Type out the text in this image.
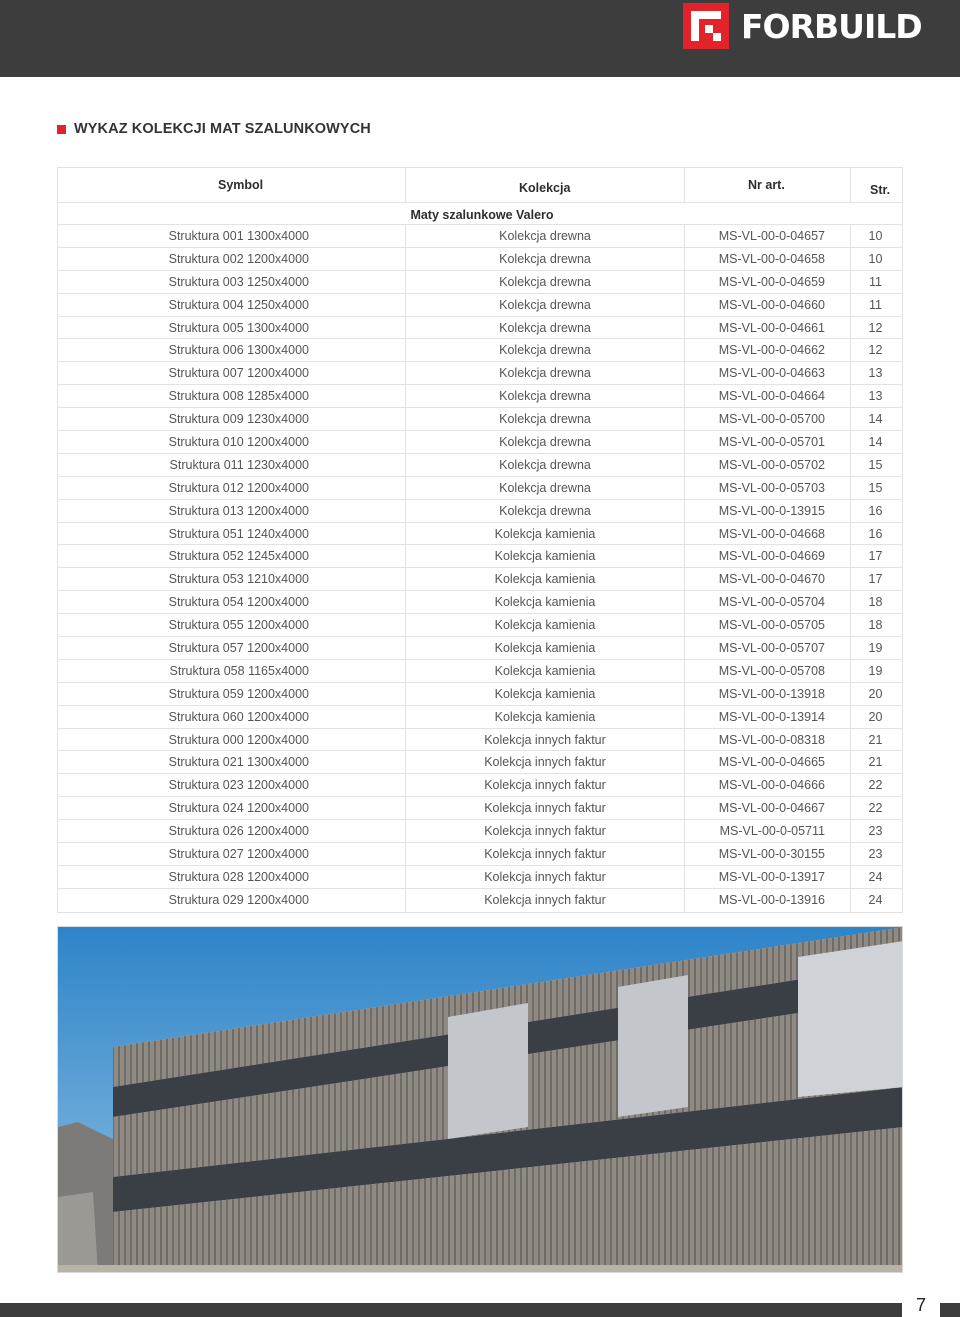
FORBUILD
WYKAZ KOLEKCJI MAT SZALUNKOWYCH
Symbol	Kolekcja	Nr art.	Str.
Maty szalunkowe Valero
Struktura 001 1300x4000	Kolekcja drewna	MS-VL-00-0-04657	10
Struktura 002 1200x4000	Kolekcja drewna	MS-VL-00-0-04658	10
Struktura 003 1250x4000	Kolekcja drewna	MS-VL-00-0-04659	11
Struktura 004 1250x4000	Kolekcja drewna	MS-VL-00-0-04660	11
Struktura 005 1300x4000	Kolekcja drewna	MS-VL-00-0-04661	12
Struktura 006 1300x4000	Kolekcja drewna	MS-VL-00-0-04662	12
Struktura 007 1200x4000	Kolekcja drewna	MS-VL-00-0-04663	13
Struktura 008 1285x4000	Kolekcja drewna	MS-VL-00-0-04664	13
Struktura 009 1230x4000	Kolekcja drewna	MS-VL-00-0-05700	14
Struktura 010 1200x4000	Kolekcja drewna	MS-VL-00-0-05701	14
Struktura 011 1230x4000	Kolekcja drewna	MS-VL-00-0-05702	15
Struktura 012 1200x4000	Kolekcja drewna	MS-VL-00-0-05703	15
Struktura 013 1200x4000	Kolekcja drewna	MS-VL-00-0-13915	16
Struktura 051 1240x4000	Kolekcja kamienia	MS-VL-00-0-04668	16
Struktura 052 1245x4000	Kolekcja kamienia	MS-VL-00-0-04669	17
Struktura 053 1210x4000	Kolekcja kamienia	MS-VL-00-0-04670	17
Struktura 054 1200x4000	Kolekcja kamienia	MS-VL-00-0-05704	18
Struktura 055 1200x4000	Kolekcja kamienia	MS-VL-00-0-05705	18
Struktura 057 1200x4000	Kolekcja kamienia	MS-VL-00-0-05707	19
Struktura 058 1165x4000	Kolekcja kamienia	MS-VL-00-0-05708	19
Struktura 059 1200x4000	Kolekcja kamienia	MS-VL-00-0-13918	20
Struktura 060 1200x4000	Kolekcja kamienia	MS-VL-00-0-13914	20
Struktura 000 1200x4000	Kolekcja innych faktur	MS-VL-00-0-08318	21
Struktura 021 1300x4000	Kolekcja innych faktur	MS-VL-00-0-04665	21
Struktura 023 1200x4000	Kolekcja innych faktur	MS-VL-00-0-04666	22
Struktura 024 1200x4000	Kolekcja innych faktur	MS-VL-00-0-04667	22
Struktura 026 1200x4000	Kolekcja innych faktur	MS-VL-00-0-05711	23
Struktura 027 1200x4000	Kolekcja innych faktur	MS-VL-00-0-30155	23
Struktura 028 1200x4000	Kolekcja innych faktur	MS-VL-00-0-13917	24
Struktura 029 1200x4000	Kolekcja innych faktur	MS-VL-00-0-13916	24
7
